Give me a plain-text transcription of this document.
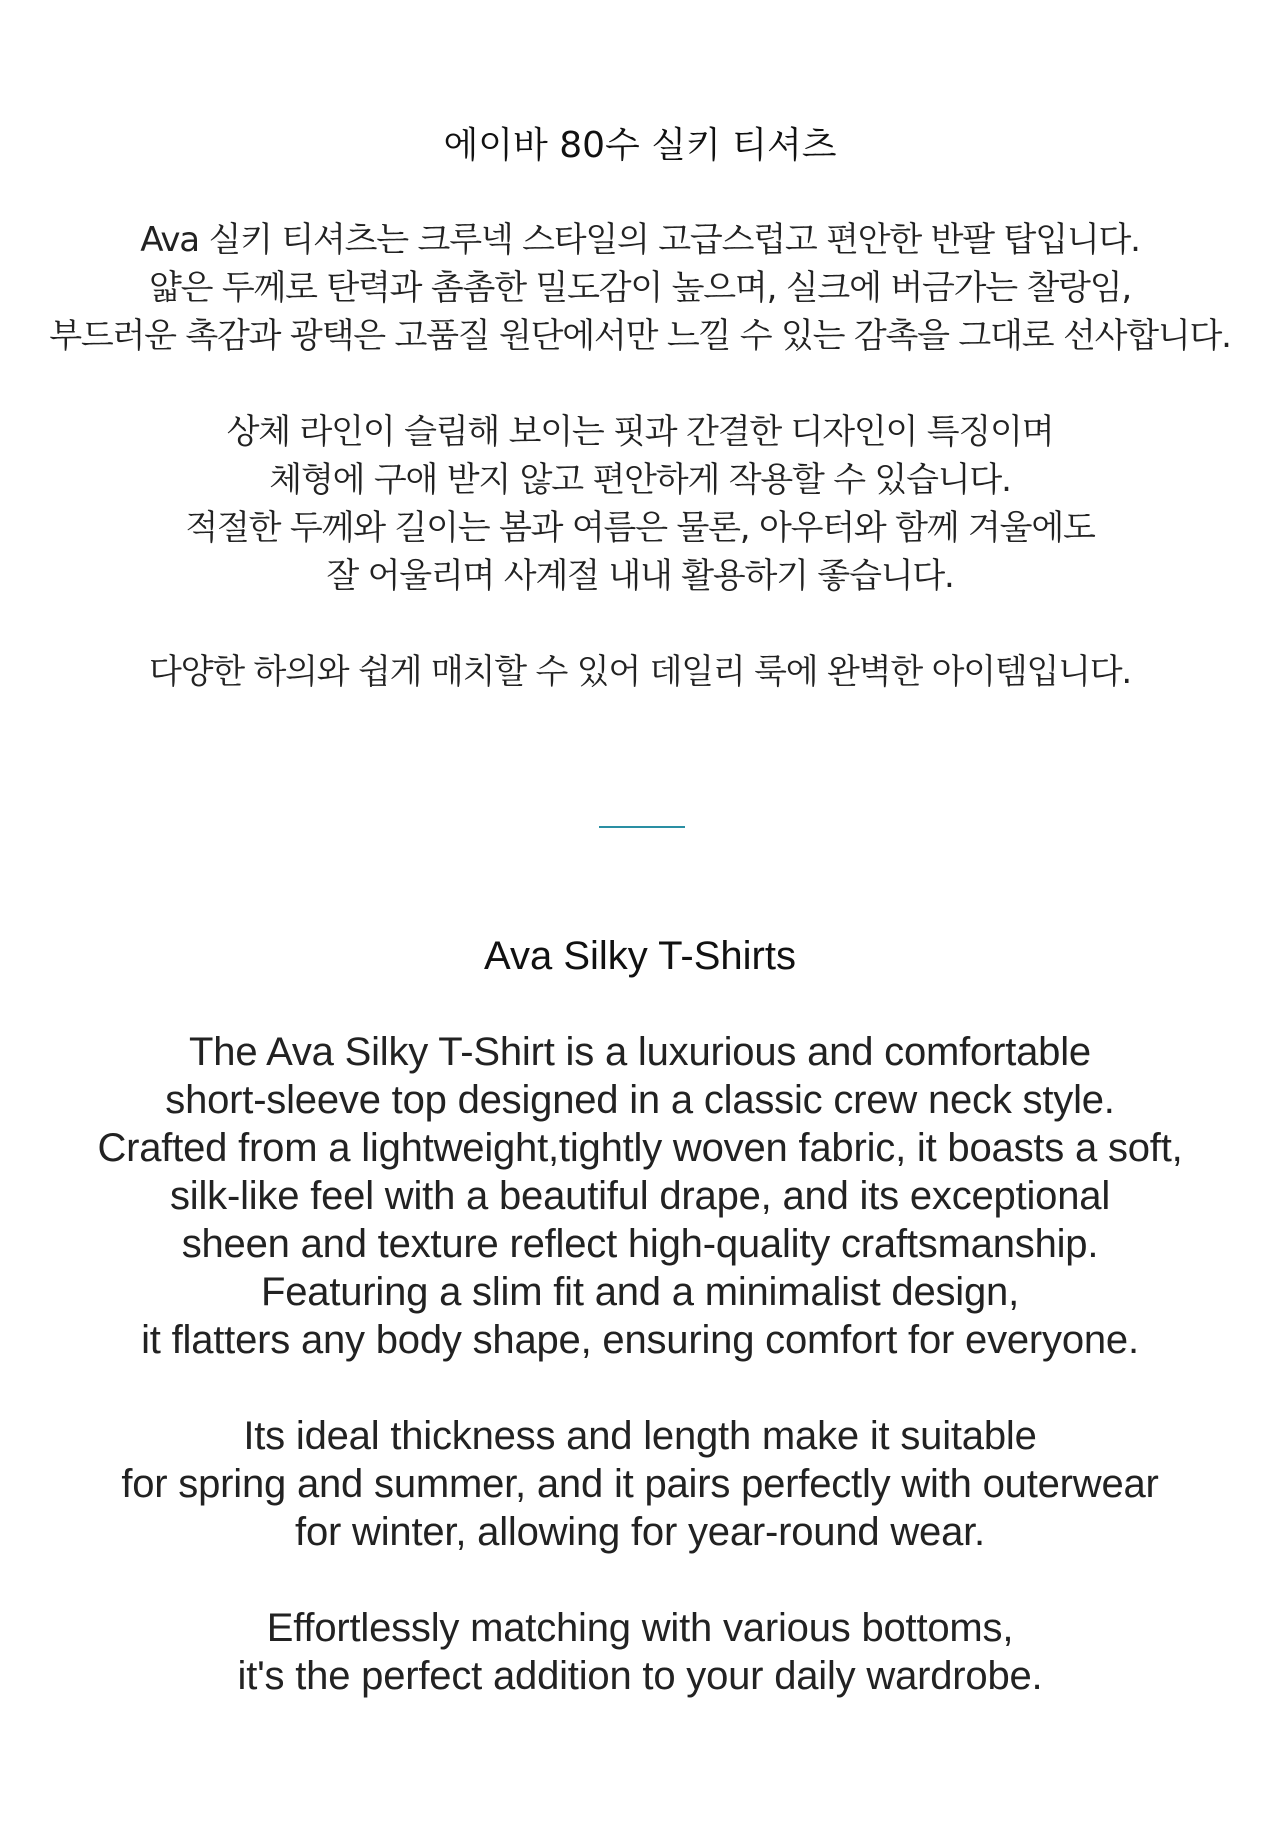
에이바 80수 실키 티셔츠

Ava 실키 티셔츠는 크루넥 스타일의 고급스럽고 편안한 반팔 탑입니다.
얇은 두께로 탄력과 촘촘한 밀도감이 높으며, 실크에 버금가는 찰랑임,
부드러운 촉감과 광택은 고품질 원단에서만 느낄 수 있는 감촉을 그대로 선사합니다.

상체 라인이 슬림해 보이는 핏과 간결한 디자인이 특징이며
체형에 구애 받지 않고 편안하게 작용할 수 있습니다.
적절한 두께와 길이는 봄과 여름은 물론, 아우터와 함께 겨울에도
잘 어울리며 사계절 내내 활용하기 좋습니다.

다양한 하의와 쉽게 매치할 수 있어 데일리 룩에 완벽한 아이템입니다.

Ava Silky T-Shirts

The Ava Silky T-Shirt is a luxurious and comfortable
short-sleeve top designed in a classic crew neck style.
Crafted from a lightweight,tightly woven fabric, it boasts a soft,
silk-like feel with a beautiful drape, and its exceptional
sheen and texture reflect high-quality craftsmanship.
Featuring a slim fit and a minimalist design,
it flatters any body shape, ensuring comfort for everyone.

Its ideal thickness and length make it suitable
for spring and summer, and it pairs perfectly with outerwear
for winter, allowing for year-round wear.

Effortlessly matching with various bottoms,
it's the perfect addition to your daily wardrobe.
